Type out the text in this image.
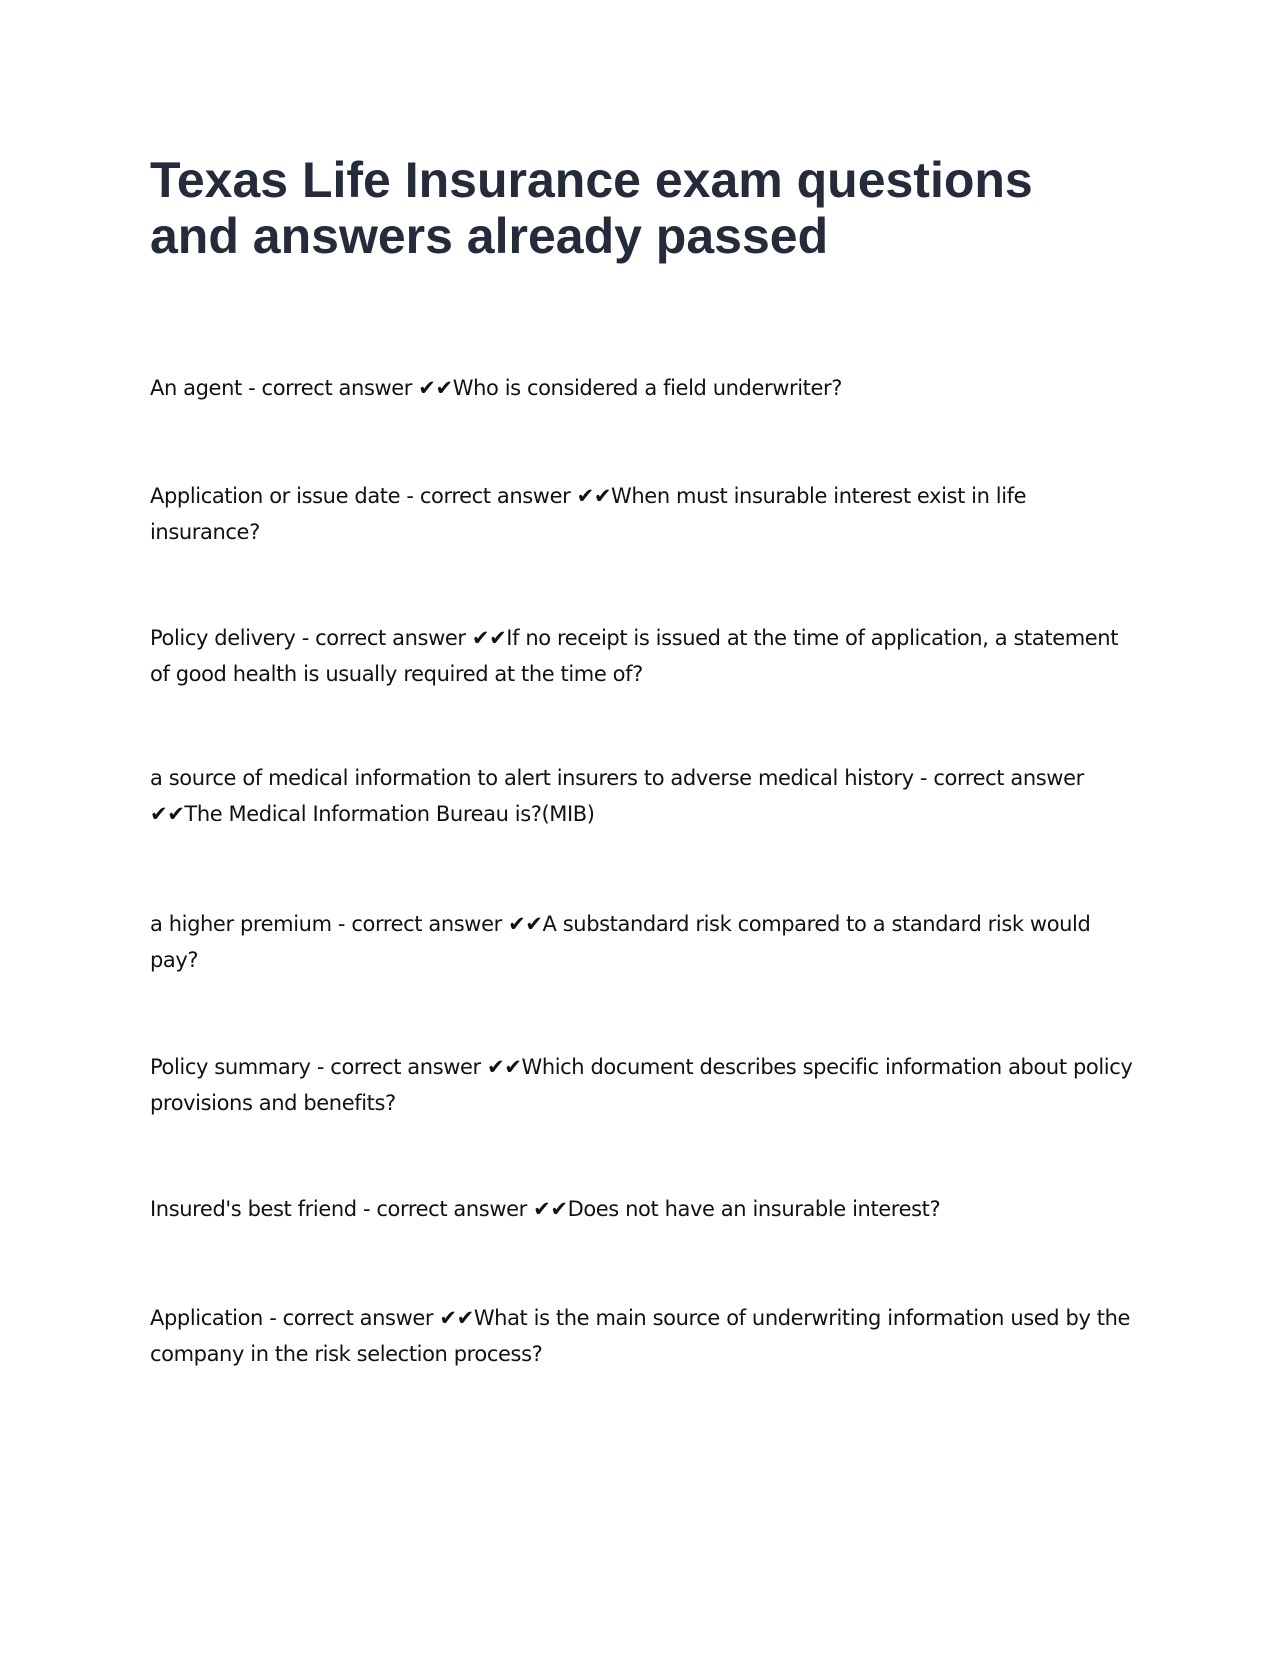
Texas Life Insurance exam questions and answers already passed

An agent - correct answer ✔✔Who is considered a field underwriter?

Application or issue date - correct answer ✔✔When must insurable interest exist in life insurance?

Policy delivery - correct answer ✔✔If no receipt is issued at the time of application, a statement of good health is usually required at the time of?

a source of medical information to alert insurers to adverse medical history - correct answer ✔✔The Medical Information Bureau is?(MIB)

a higher premium - correct answer ✔✔A substandard risk compared to a standard risk would pay?

Policy summary - correct answer ✔✔Which document describes specific information about policy provisions and benefits?

Insured's best friend - correct answer ✔✔Does not have an insurable interest?

Application - correct answer ✔✔What is the main source of underwriting information used by the company in the risk selection process?
